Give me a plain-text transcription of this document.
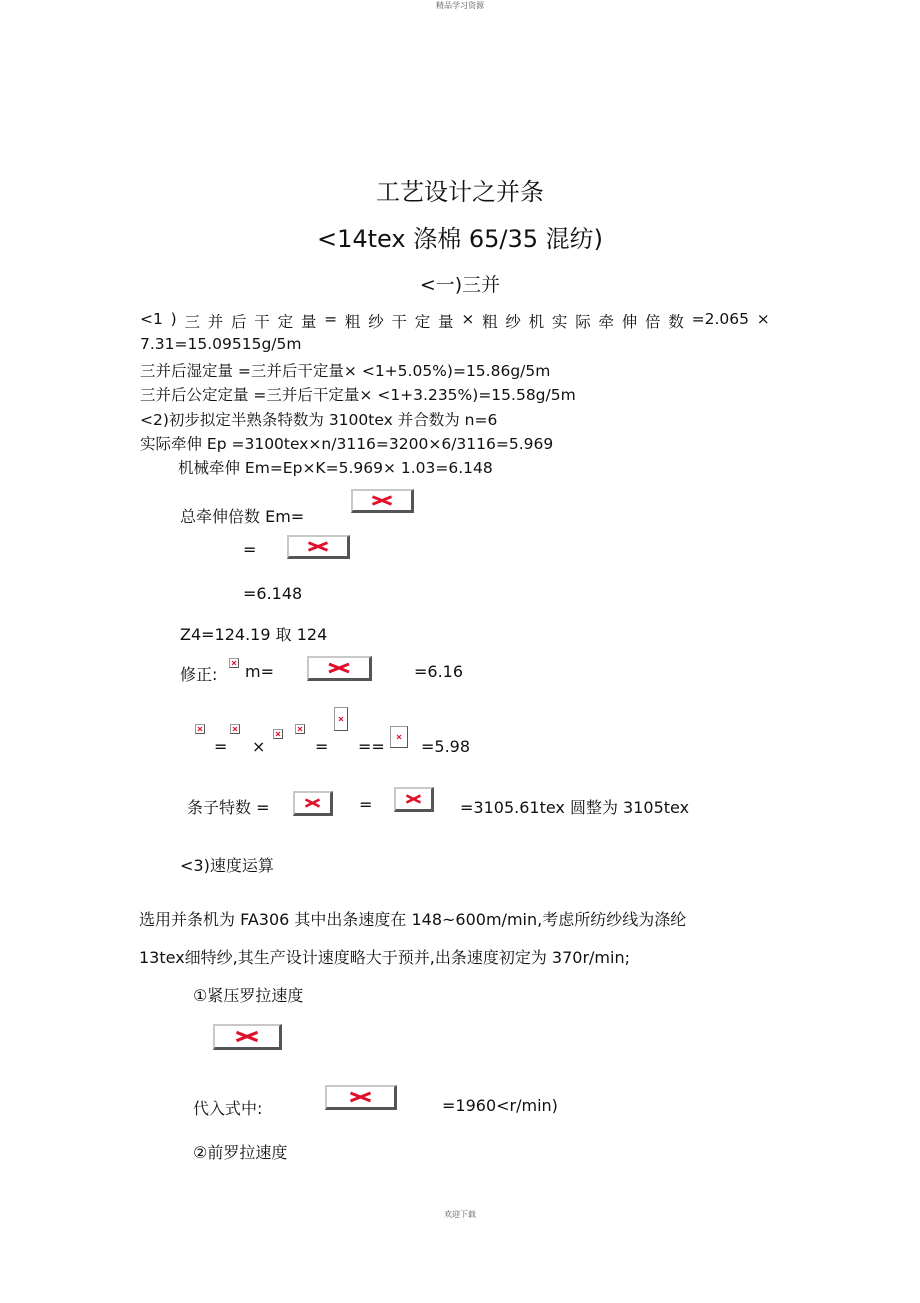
精品学习资源
欢迎下载
工艺设计之并条
<14tex 涤棉 65/35 混纺)
<一)三并
<1 ) 三 并 后 干 定 量 = 粗 纱 干 定 量 × 粗 纱 机 实 际 牵 伸 倍 数 =2.065 ×
7.31=15.09515g/5m
三并后湿定量 =三并后干定量× <1+5.05%)=15.86g/5m
三并后公定定量 =三并后干定量× <1+3.235%)=15.58g/5m
<2)初步拟定半熟条特数为 3100tex 并合数为 n=6
实际牵伸 Ep =3100tex×n/3116=3200×6/3116=5.969
机械牵伸 Em=Ep×K=5.969× 1.03=6.148
总牵伸倍数 Em=
=
=6.148
Z4=124.19 取 124
修正: m=	=6.16
= ×	= == =5.98
条子特数 =	=	=3105.61tex 圆整为 3105tex
<3)速度运算
选用并条机为 FA306 其中出条速度在 148~600m/min,考虑所纺纱线为涤纶
13tex细特纱,其生产设计速度略大于预并,出条速度初定为 370r/min;
①紧压罗拉速度
代入式中:	=1960<r/min)
②前罗拉速度
